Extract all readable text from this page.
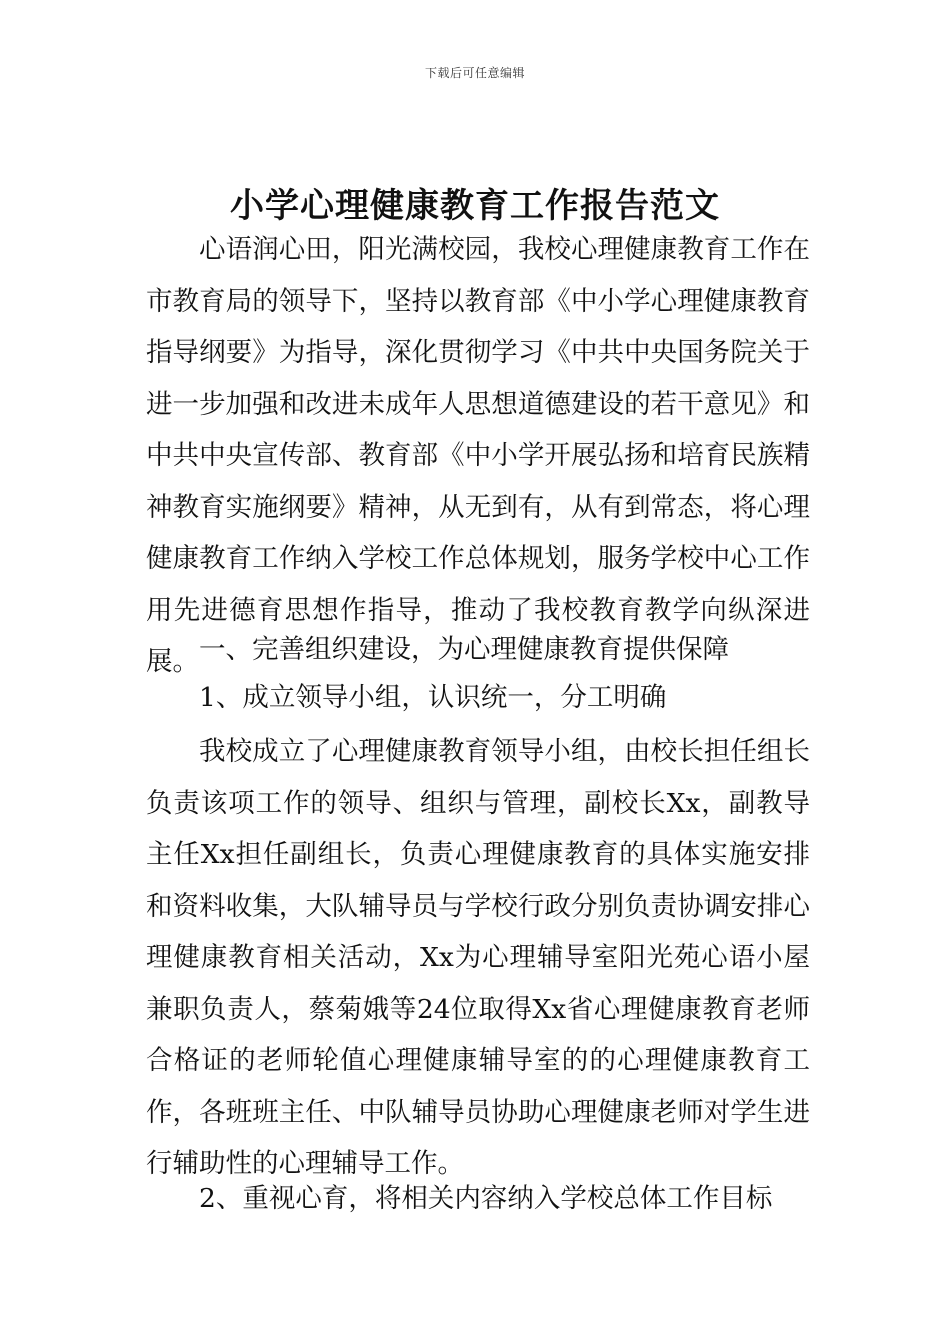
下载后可任意编辑
小学心理健康教育工作报告范文

心语润心田，阳光满校园，我校心理健康教育工作在市教育局的领导下，坚持以教育部《中小学心理健康教育指导纲要》为指导，深化贯彻学习《中共中央国务院关于进一步加强和改进未成年人思想道德建设的若干意见》和中共中央宣传部、教育部《中小学开展弘扬和培育民族精神教育实施纲要》精神，从无到有，从有到常态，将心理健康教育工作纳入学校工作总体规划，服务学校中心工作用先进德育思想作指导，推动了我校教育教学向纵深进展。 一、完善组织建设，为心理健康教育提供保障

1、成立领导小组，认识统一，分工明确

我校成立了心理健康教育领导小组，由校长担任组长负责该项工作的领导、组织与管理，副校长Xx，副教导主任Xx担任副组长，负责心理健康教育的具体实施安排和资料收集，大队辅导员与学校行政分别负责协调安排心理健康教育相关活动，Xx为心理辅导室阳光苑心语小屋兼职负责人，蔡菊娥等24位取得Xx省心理健康教育老师合格证的老师轮值心理健康辅导室的的心理健康教育工作，各班班主任、中队辅导员协助心理健康老师对学生进行辅助性的心理辅导工作。

2、重视心育，将相关内容纳入学校总体工作目标
